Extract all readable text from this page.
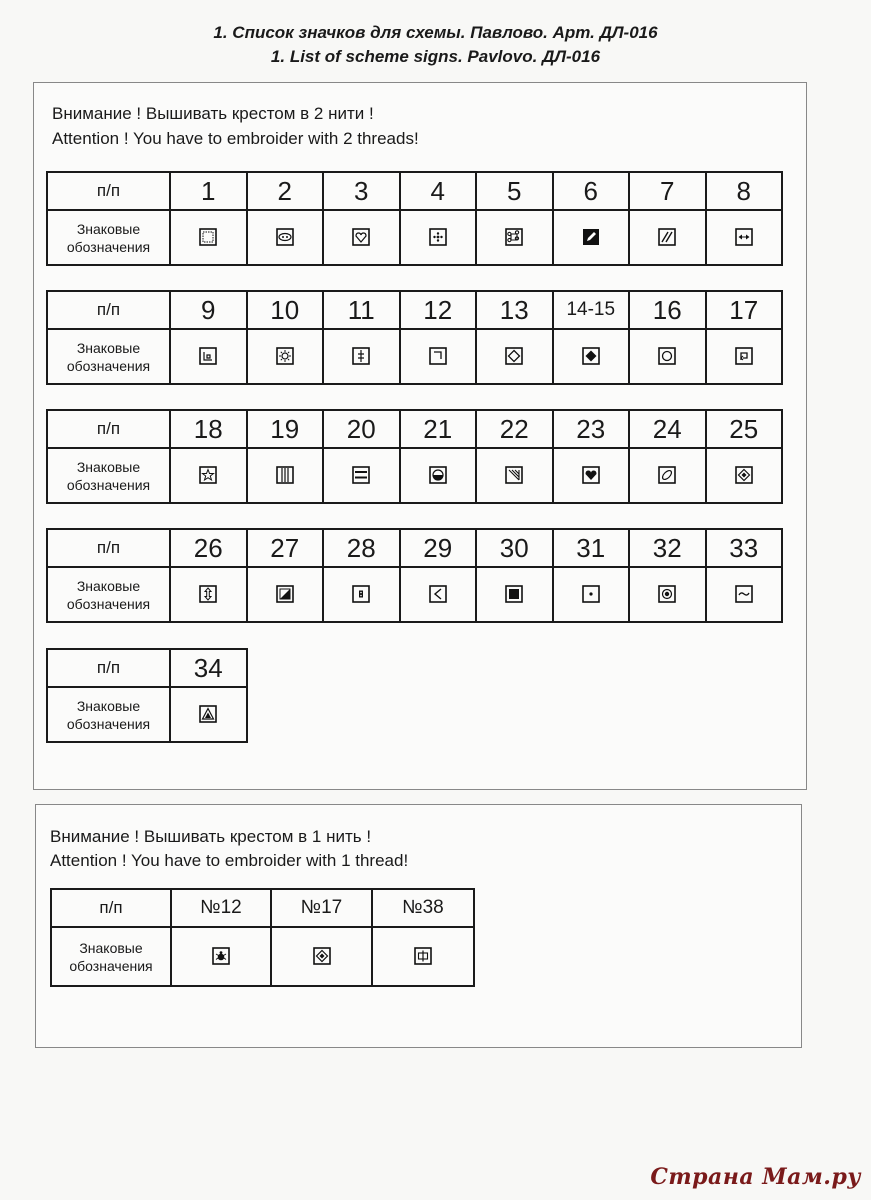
1. Список значков для схемы. Павлово. Арт. ДЛ-016
1. List of scheme signs. Pavlovo. ДЛ-016
Внимание ! Вышивать крестом в 2 нити !
Attention ! You have to embroider with 2 threads!
п/п	1	2	3	4	5	6	7	8
Знаковые
обозначения	

п/п	9	10	11	12	13	14-15	16	17
Знаковые
обозначения	

п/п	18	19	20	21	22	23	24	25
Знаковые
обозначения	

п/п	26	27	28	29	30	31	32	33
Знаковые
обозначения	

п/п	34
Знаковые
обозначения	
Внимание ! Вышивать крестом в 1 нить !
Attention ! You have to embroider with 1 thread!
п/п	№12	№17	№38
Знаковые
обозначения	

Страна Мам.ру
